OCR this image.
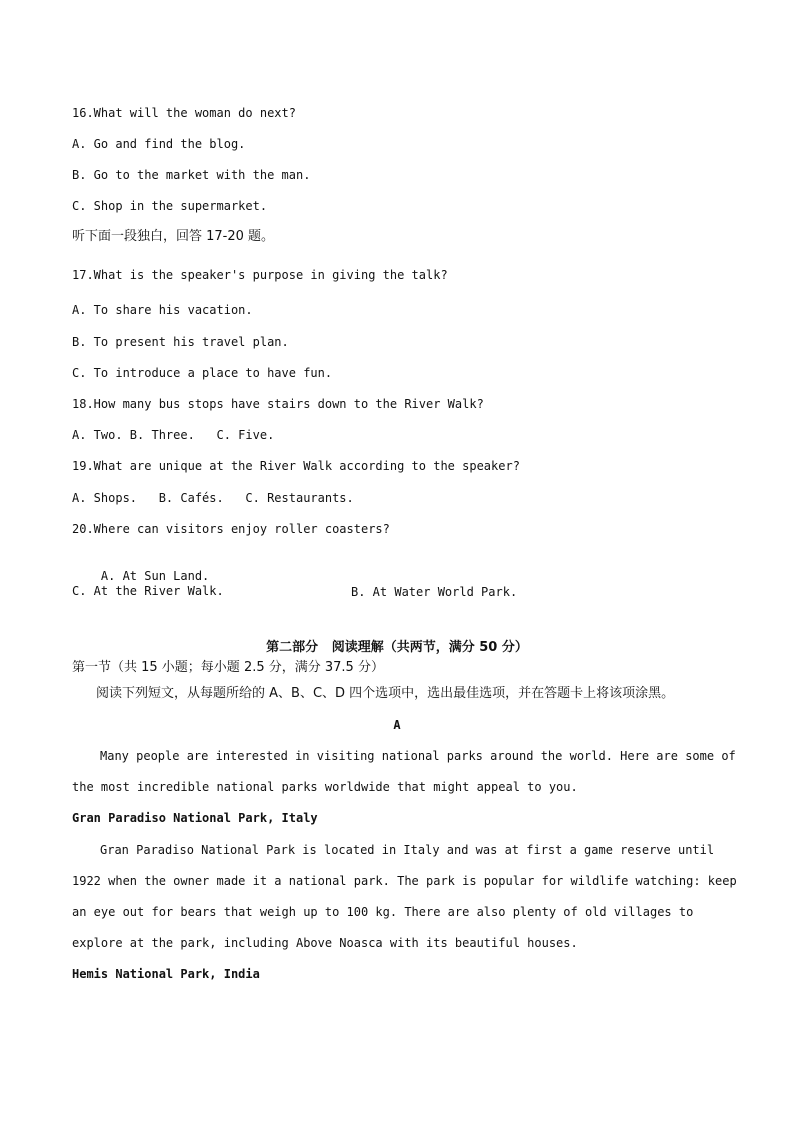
16.What will the woman do next?
A. Go and find the blog.
B. Go to the market with the man.
C. Shop in the supermarket.
听下面一段独白，回答 17-20 题。
17.What is the speaker's purpose in giving the talk?
A. To share his vacation.
B. To present his travel plan.
C. To introduce a place to have fun.
18.How many bus stops have stairs down to the River Walk?
A. Two. B. Three.   C. Five.
19.What are unique at the River Walk according to the speaker?
A. Shops.   B. Cafés.   C. Restaurants.
20.Where can visitors enjoy roller coasters?

A. At Sun Land.

B. At Water World Park.

C. At the River Walk.
第二部分   阅读理解（共两节，满分 50 分）
第一节（共 15 小题；每小题 2.5 分，满分 37.5 分）
阅读下列短文，从每题所给的 A、B、C、D 四个选项中，选出最佳选项，并在答题卡上将该项涂黑。
A
Many people are interested in visiting national parks around the world. Here are some of
the most incredible national parks worldwide that might appeal to you.
Gran Paradiso National Park, Italy
Gran Paradiso National Park is located in Italy and was at first a game reserve until
1922 when the owner made it a national park. The park is popular for wildlife watching: keep
an eye out for bears that weigh up to 100 kg. There are also plenty of old villages to
explore at the park, including Above Noasca with its beautiful houses.
Hemis National Park, India
